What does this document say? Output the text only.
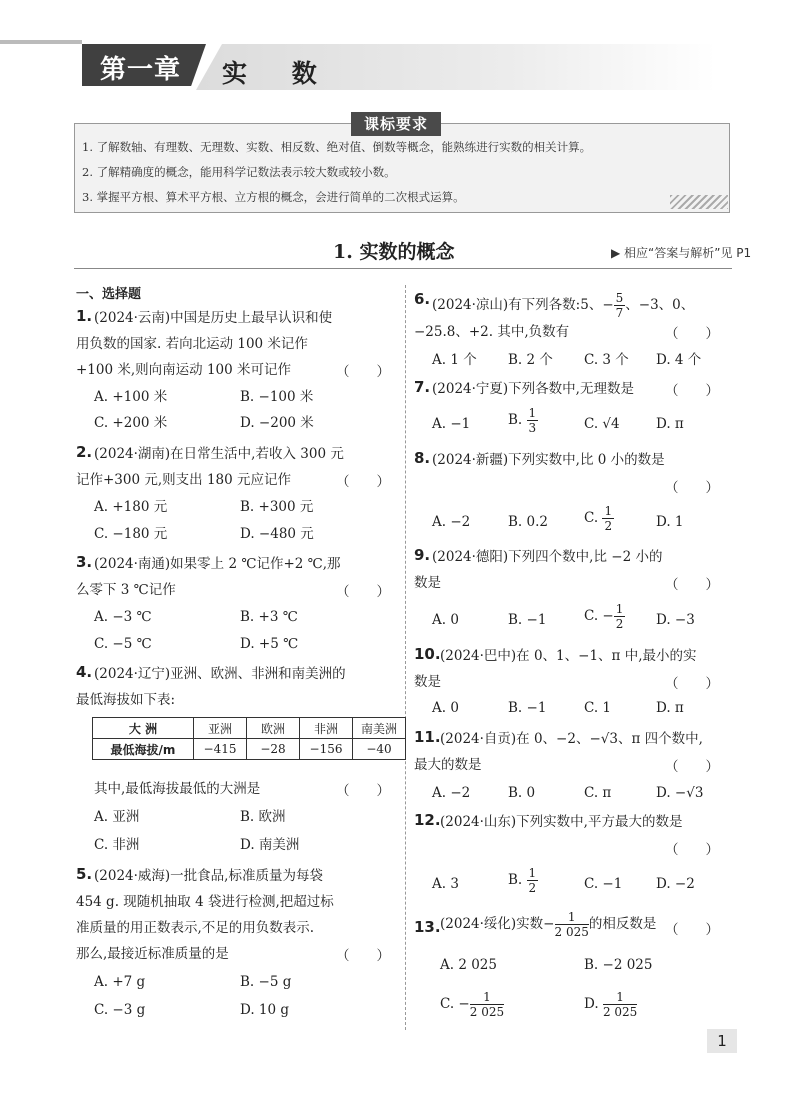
第一章 实 数
课标要求
1. 了解数轴、有理数、无理数、实数、相反数、绝对值、倒数等概念，能熟练进行实数的相关计算。
2. 了解精确度的概念，能用科学记数法表示较大数或较小数。
3. 掌握平方根、算术平方根、立方根的概念，会进行简单的二次根式运算。
1. 实数的概念	▶ 相应“答案与解析”见 P1
一、选择题
1. (2024·云南)中国是历史上最早认识和使
用负数的国家. 若向北运动 100 米记作
+100 米,则向南运动 100 米可记作	（　　）
A. +100 米	B. −100 米
C. +200 米	D. −200 米
2. (2024·湖南)在日常生活中,若收入 300 元
记作+300 元,则支出 180 元应记作	（　　）
A. +180 元	B. +300 元
C. −180 元	D. −480 元
3. (2024·南通)如果零上 2 ℃记作+2 ℃,那
么零下 3 ℃记作	（　　）
A. −3 ℃	B. +3 ℃
C. −5 ℃	D. +5 ℃
4. (2024·辽宁)亚洲、欧洲、非洲和南美洲的
最低海拔如下表:
大 洲	亚洲	欧洲	非洲	南美洲
最低海拔/m	−415	−28	−156	−40
其中,最低海拔最低的大洲是	（　　）
A. 亚洲	B. 欧洲
C. 非洲	D. 南美洲
5. (2024·威海)一批食品,标准质量为每袋
454 g. 现随机抽取 4 袋进行检测,把超过标
准质量的用正数表示,不足的用负数表示.
那么,最接近标准质量的是	（　　）
A. +7 g	B. −5 g
C. −3 g	D. 10 g
6. (2024·凉山)有下列各数:5、− $\frac{5}{7}$ 、−3、0、
−25.8、+2. 其中,负数有	（　　）
A. 1 个 B. 2 个 C. 3 个 D. 4 个
7. (2024·宁夏)下列各数中,无理数是 （　　）
A. −1	B. $\frac{1}{3}$	C. √4	D. π
8. (2024·新疆)下列实数中,比 0 小的数是
（　　）
A. −2	B. 0.2	C. $\frac{1}{2}$	D. 1
9. (2024·德阳)下列四个数中,比 −2 小的
数是	（　　）
A. 0	B. −1	C. − $\frac{1}{2} D$. −3
10. (2024·巴中)在 0、1、−1、π 中,最小的实
数是	（　　）
A. 0	B. −1	C. 1	D. π
11. (2024·自贡)在 0、−2、−√3、π 四个数中,
最大的数是	（　　）
A. −2	B. 0	C. π	D. −√3
12. (2024·山东)下列实数中,平方最大的数是
（　　）
A. 3	B. $\frac{1}{2}$	C. −1 D. −2
13. (2024·绥化)实数− $\frac{1}{2 025}$ 的相反数是 （　　）
A. 2 025	B. −2 025
C. − $\frac{1}{2 025}$	D. $\frac{1}{2 025}$
1
